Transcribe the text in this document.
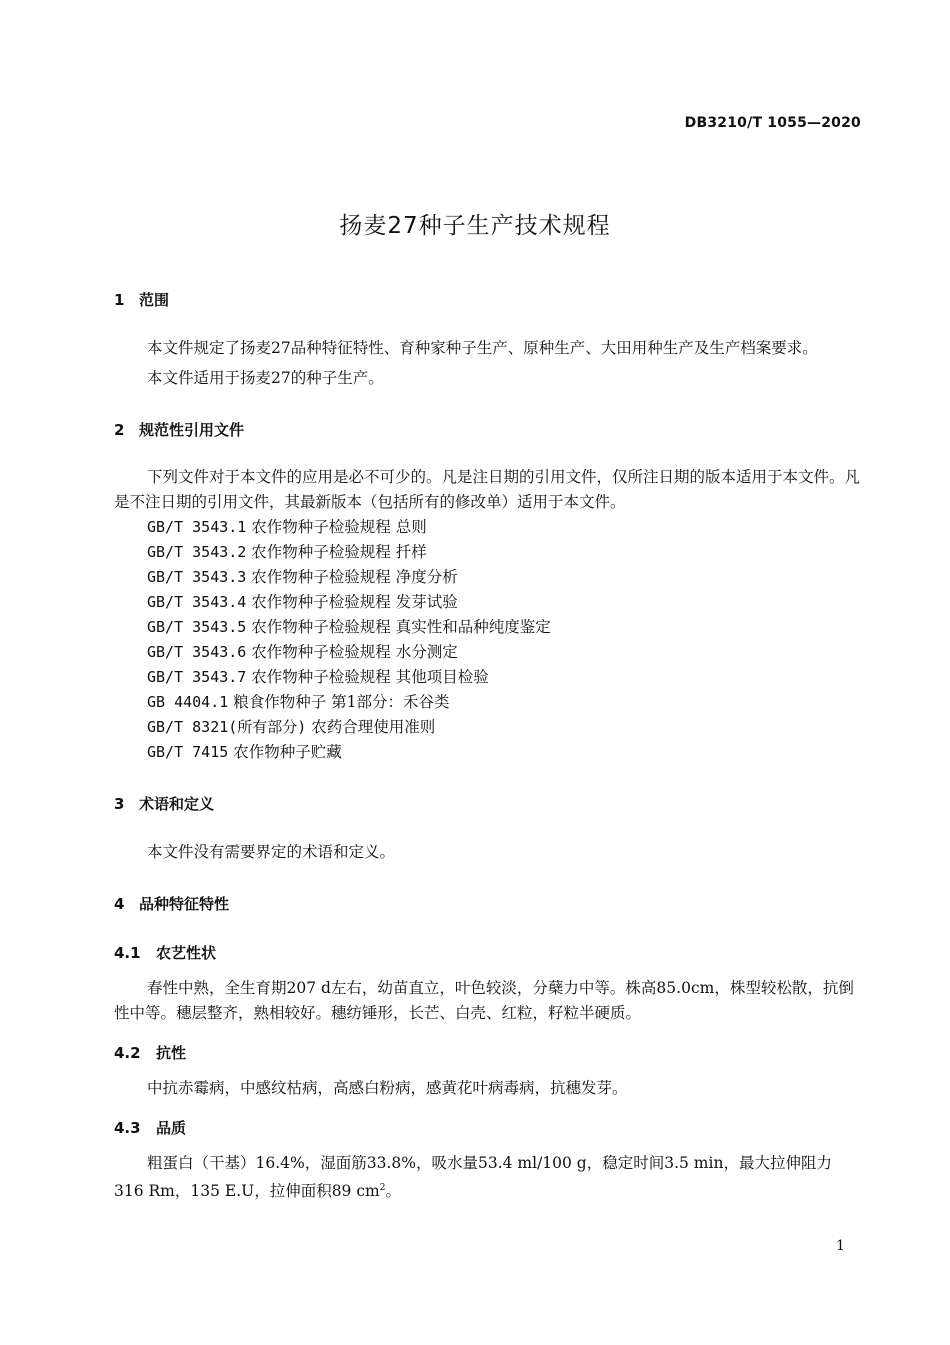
DB3210/T 1055—2020
扬麦27种子生产技术规程
1 范围
本文件规定了扬麦27品种特征特性、育种家种子生产、原种生产、大田用种生产及生产档案要求。
本文件适用于扬麦27的种子生产。
2 规范性引用文件
下列文件对于本文件的应用是必不可少的。凡是注日期的引用文件，仅所注日期的版本适用于本文件。凡是不注日期的引用文件，其最新版本（包括所有的修改单）适用于本文件。
GB/T 3543.1 农作物种子检验规程 总则
GB/T 3543.2 农作物种子检验规程 扦样
GB/T 3543.3 农作物种子检验规程 净度分析
GB/T 3543.4 农作物种子检验规程 发芽试验
GB/T 3543.5 农作物种子检验规程 真实性和品种纯度鉴定
GB/T 3543.6 农作物种子检验规程 水分测定
GB/T 3543.7 农作物种子检验规程 其他项目检验
GB 4404.1 粮食作物种子 第1部分：禾谷类
GB/T 8321(所有部分) 农药合理使用准则
GB/T 7415 农作物种子贮藏
3 术语和定义
本文件没有需要界定的术语和定义。
4 品种特征特性
4.1 农艺性状
春性中熟，全生育期207 d左右，幼苗直立，叶色较淡，分蘖力中等。株高85.0cm，株型较松散，抗倒性中等。穗层整齐，熟相较好。穗纺锤形，长芒、白壳、红粒，籽粒半硬质。
4.2 抗性
中抗赤霉病，中感纹枯病，高感白粉病，感黄花叶病毒病，抗穗发芽。
4.3 品质
粗蛋白（干基）16.4%，湿面筋33.8%，吸水量53.4 ml/100 g，稳定时间3.5 min，最大拉伸阻力316 Rm，135 E.U，拉伸面积89 $cm^2$。
1
